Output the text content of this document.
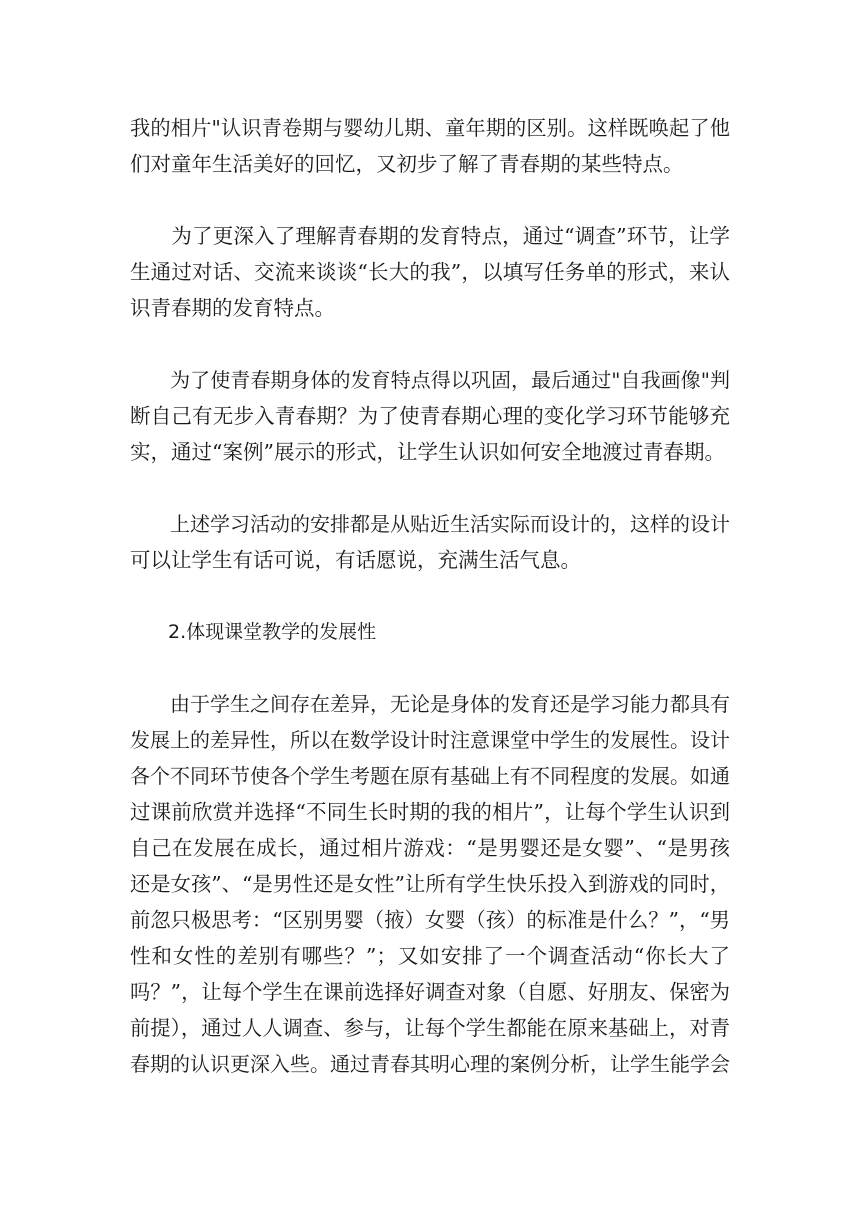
我的相片"认识青卷期与婴幼儿期、童年期的区别。这样既唤起了他
们对童年生活美好的回忆，又初步了解了青春期的某些特点。
　　为了更深入了理解青春期的发育特点，通过“调查”环节，让学
生通过对话、交流来谈谈“长大的我”，以填写任务单的形式，来认
识青春期的发育特点。
　　为了使青春期身体的发育特点得以巩固，最后通过"自我画像"判
断自己有无步入青春期？为了使青春期心理的变化学习环节能够充
实，通过“案例”展示的形式，让学生认识如何安全地渡过青春期。
　　上述学习活动的安排都是从贴近生活实际而设计的，这样的设计
可以让学生有话可说，有话愿说，充满生活气息。
　　2.体现课堂教学的发展性
　　由于学生之间存在差异，无论是身体的发育还是学习能力都具有
发展上的差异性，所以在数学设计时注意课堂中学生的发展性。设计
各个不同环节使各个学生考题在原有基础上有不同程度的发展。如通
过课前欣赏并选择“不同生长时期的我的相片”，让每个学生认识到
自己在发展在成长，通过相片游戏：“是男婴还是女婴”、“是男孩
还是女孩”、“是男性还是女性”让所有学生快乐投入到游戏的同时，
前忽只极思考：“区别男婴（掖）女婴（孩）的标准是什么？”，“男
性和女性的差别有哪些？”；又如安排了一个调查活动“你长大了
吗？”，让每个学生在课前选择好调查对象（自愿、好朋友、保密为
前提），通过人人调查、参与，让每个学生都能在原来基础上，对青
春期的认识更深入些。通过青春其明心理的案例分析，让学生能学会
